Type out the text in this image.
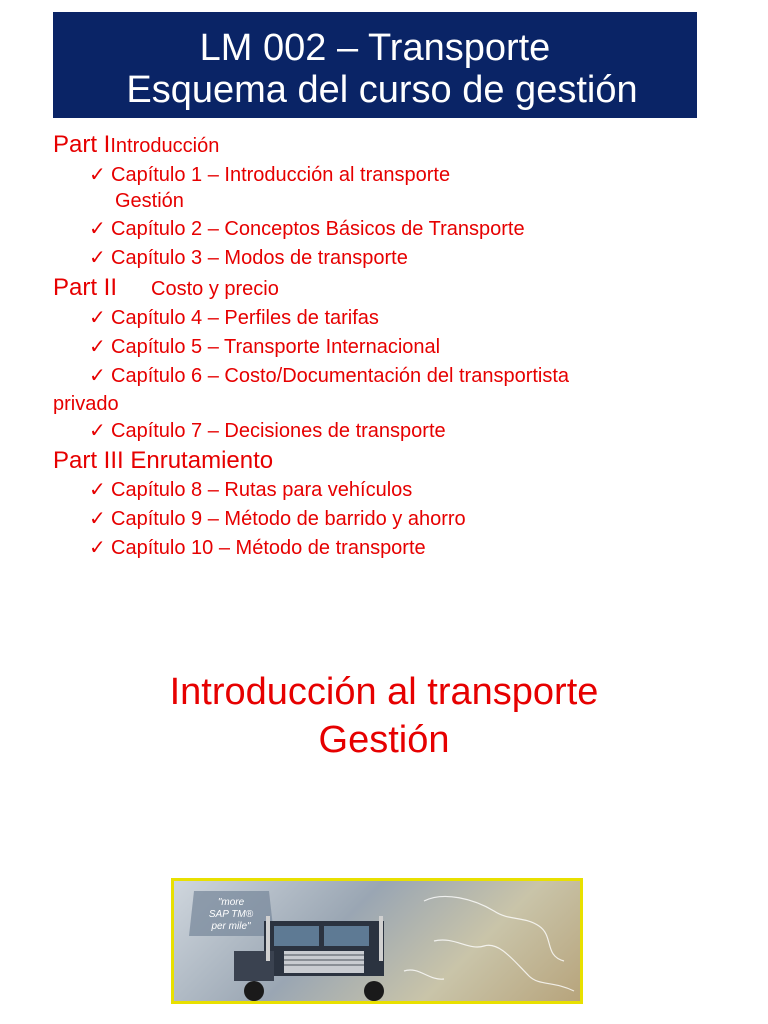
LM 002 – Transporte
Esquema del curso de gestión
Part IIntroducción
✓ Capítulo 1 – Introducción al transporte
Gestión
✓ Capítulo 2 – Conceptos Básicos de Transporte
✓ Capítulo 3 – Modos de transporte
Part II Costo y precio
✓ Capítulo 4 – Perfiles de tarifas
✓ Capítulo 5 – Transporte Internacional
✓ Capítulo 6 – Costo/Documentación del transportista
privado
✓ Capítulo 7 – Decisiones de transporte
Part III Enrutamiento
✓ Capítulo 8 – Rutas para vehículos
✓ Capítulo 9 – Método de barrido y ahorro
✓ Capítulo 10 – Método de transporte
Introducción al transporte
Gestión
"more
SAP TM®
per mile"
